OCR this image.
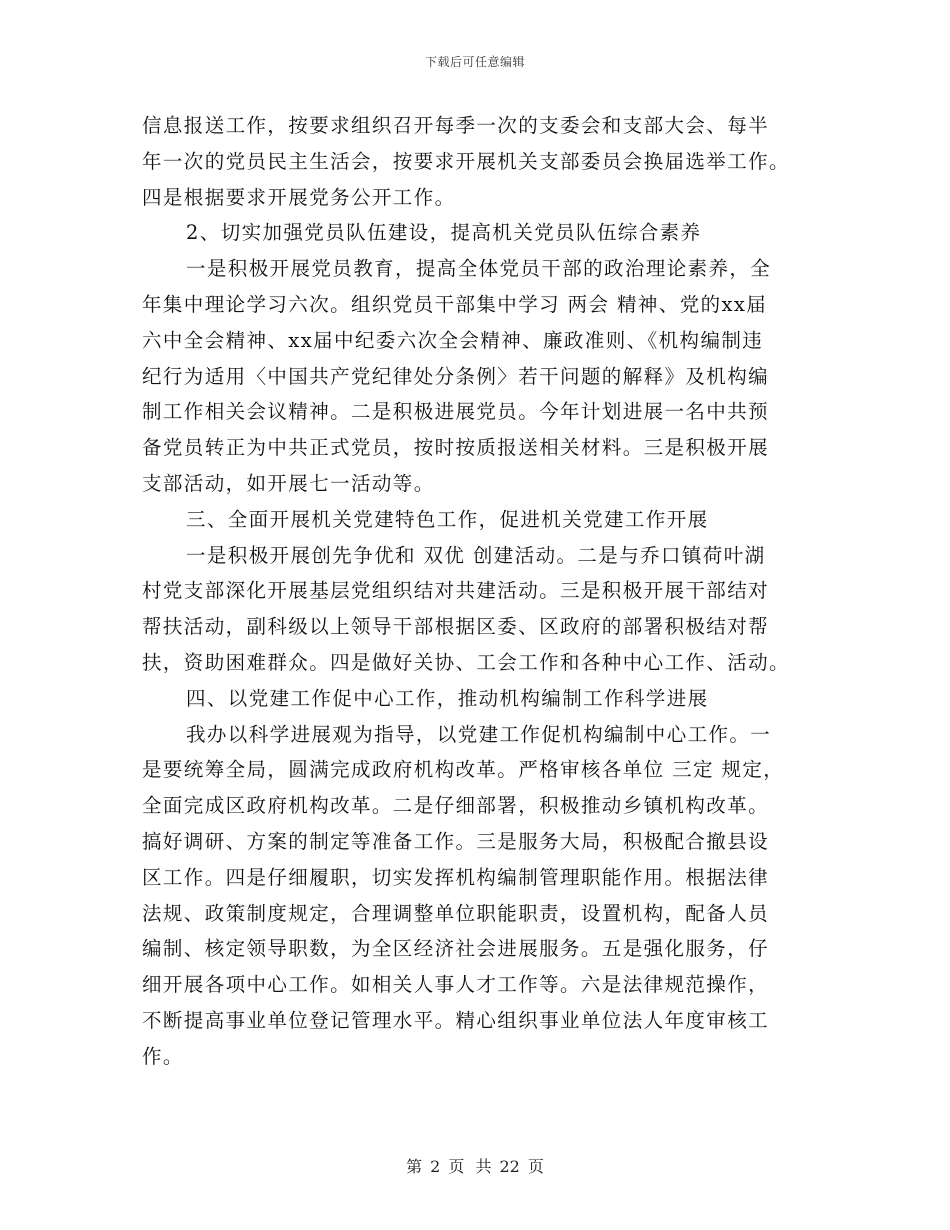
下载后可任意编辑
信息报送工作，按要求组织召开每季一次的支委会和支部大会、每半
年一次的党员民主生活会，按要求开展机关支部委员会换届选举工作。
四是根据要求开展党务公开工作。
2、切实加强党员队伍建设，提高机关党员队伍综合素养
一是积极开展党员教育，提高全体党员干部的政治理论素养，全
年集中理论学习六次。组织党员干部集中学习 两会 精神、党的xx届
六中全会精神、xx届中纪委六次全会精神、廉政准则、《机构编制违
纪行为适用〈中国共产党纪律处分条例〉若干问题的解释》及机构编
制工作相关会议精神。二是积极进展党员。今年计划进展一名中共预
备党员转正为中共正式党员，按时按质报送相关材料。三是积极开展
支部活动，如开展七一活动等。
三、全面开展机关党建特色工作，促进机关党建工作开展
一是积极开展创先争优和 双优 创建活动。二是与乔口镇荷叶湖
村党支部深化开展基层党组织结对共建活动。三是积极开展干部结对
帮扶活动，副科级以上领导干部根据区委、区政府的部署积极结对帮
扶，资助困难群众。四是做好关协、工会工作和各种中心工作、活动。
四、以党建工作促中心工作，推动机构编制工作科学进展
我办以科学进展观为指导，以党建工作促机构编制中心工作。一
是要统筹全局，圆满完成政府机构改革。严格审核各单位 三定 规定，
全面完成区政府机构改革。二是仔细部署，积极推动乡镇机构改革。
搞好调研、方案的制定等准备工作。三是服务大局，积极配合撤县设
区工作。四是仔细履职，切实发挥机构编制管理职能作用。根据法律
法规、政策制度规定，合理调整单位职能职责，设置机构，配备人员
编制、核定领导职数，为全区经济社会进展服务。五是强化服务，仔
细开展各项中心工作。如相关人事人才工作等。六是法律规范操作，
不断提高事业单位登记管理水平。精心组织事业单位法人年度审核工
作。
第 2 页 共 22 页
